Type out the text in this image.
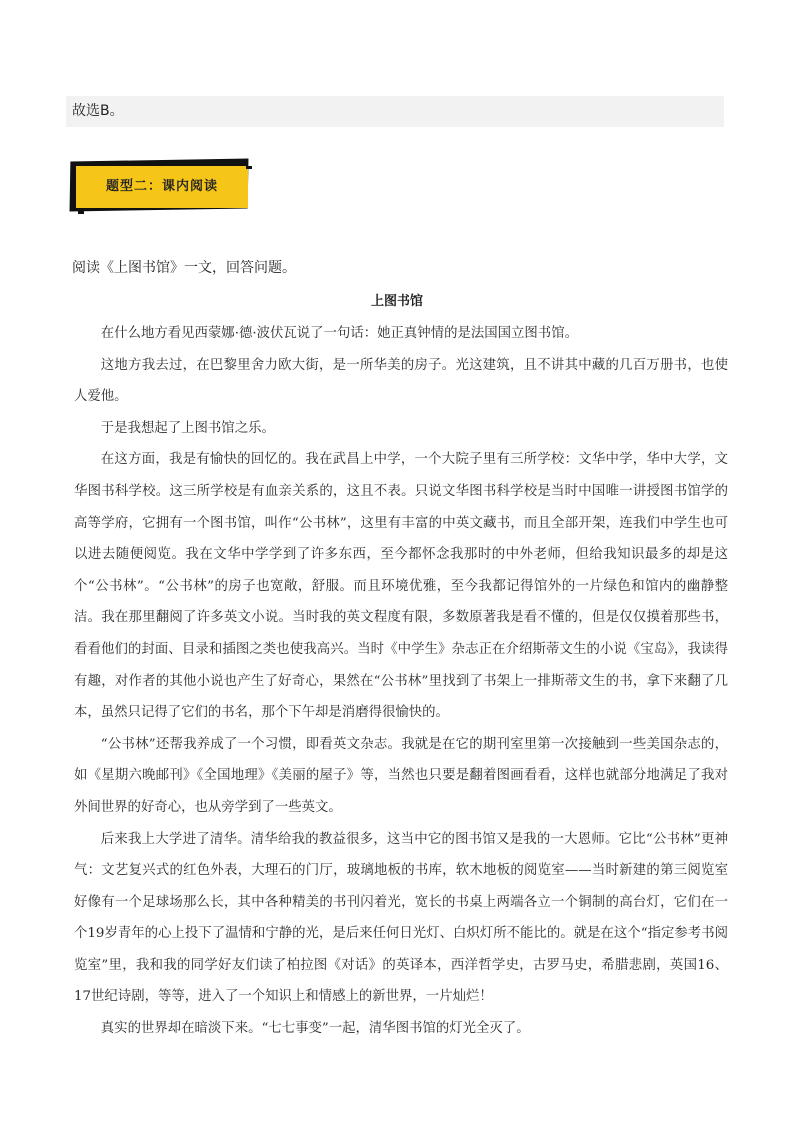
故选B。
题型二：课内阅读
阅读《上图书馆》一文，回答问题。
上图书馆

在什么地方看见西蒙娜·德·波伏瓦说了一句话：她正真钟情的是法国国立图书馆。

这地方我去过，在巴黎里舍力欧大街，是一所华美的房子。光这建筑，且不讲其中藏的几百万册书，也使人爱他。

于是我想起了上图书馆之乐。

在这方面，我是有愉快的回忆的。我在武昌上中学，一个大院子里有三所学校：文华中学，华中大学，文华图书科学校。这三所学校是有血亲关系的，这且不表。只说文华图书科学校是当时中国唯一讲授图书馆学的高等学府，它拥有一个图书馆，叫作“公书林”，这里有丰富的中英文藏书，而且全部开架，连我们中学生也可以进去随便阅览。我在文华中学学到了许多东西，至今都怀念我那时的中外老师，但给我知识最多的却是这个“公书林”。“公书林”的房子也宽敞，舒服。而且环境优雅，至今我都记得馆外的一片绿色和馆内的幽静整洁。我在那里翻阅了许多英文小说。当时我的英文程度有限，多数原著我是看不懂的，但是仅仅摸着那些书，看看他们的封面、目录和插图之类也使我高兴。当时《中学生》杂志正在介绍斯蒂文生的小说《宝岛》，我读得有趣，对作者的其他小说也产生了好奇心，果然在“公书林”里找到了书架上一排斯蒂文生的书，拿下来翻了几本，虽然只记得了它们的书名，那个下午却是消磨得很愉快的。

“公书林”还帮我养成了一个习惯，即看英文杂志。我就是在它的期刊室里第一次接触到一些美国杂志的，如《星期六晚邮刊》《全国地理》《美丽的屋子》等，当然也只要是翻着图画看看，这样也就部分地满足了我对外间世界的好奇心，也从旁学到了一些英文。

后来我上大学进了清华。清华给我的教益很多，这当中它的图书馆又是我的一大恩师。它比“公书林”更神气：文艺复兴式的红色外表，大理石的门厅，玻璃地板的书库，软木地板的阅览室——当时新建的第三阅览室好像有一个足球场那么长，其中各种精美的书刊闪着光，宽长的书桌上两端各立一个铜制的高台灯，它们在一个19岁青年的心上投下了温情和宁静的光，是后来任何日光灯、白炽灯所不能比的。就是在这个“指定参考书阅览室”里，我和我的同学好友们读了柏拉图《对话》的英译本，西洋哲学史，古罗马史，希腊悲剧，英国16、17世纪诗剧，等等，进入了一个知识上和情感上的新世界，一片灿烂！

真实的世界却在暗淡下来。“七七事变”一起，清华图书馆的灯光全灭了。
